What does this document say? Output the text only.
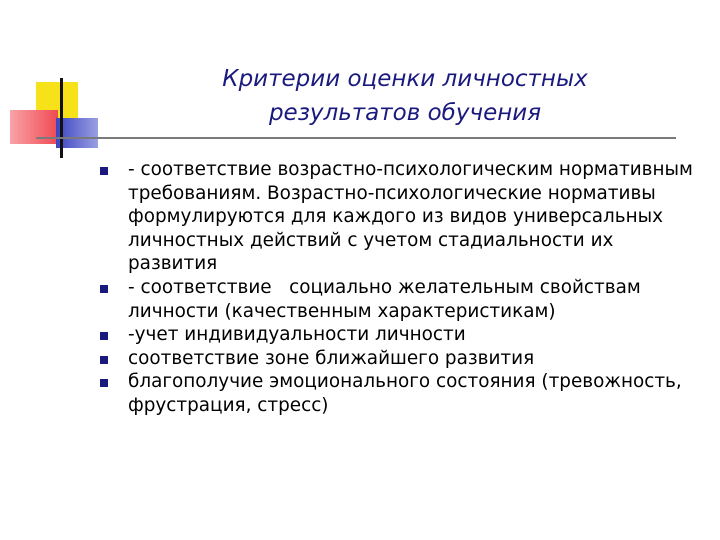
Критерии оценки личностных
результатов обучения
- соответствие возрастно-психологическим нормативным требованиям. Возрастно-психологические нормативы формулируются для каждого из видов универсальных личностных действий с учетом стадиальности их развития
- соответствие   социально желательным свойствам личности (качественным характеристикам)
-учет индивидуальности личности
соответствие зоне ближайшего развития
благополучие эмоционального состояния (тревожность, фрустрация, стресс)
